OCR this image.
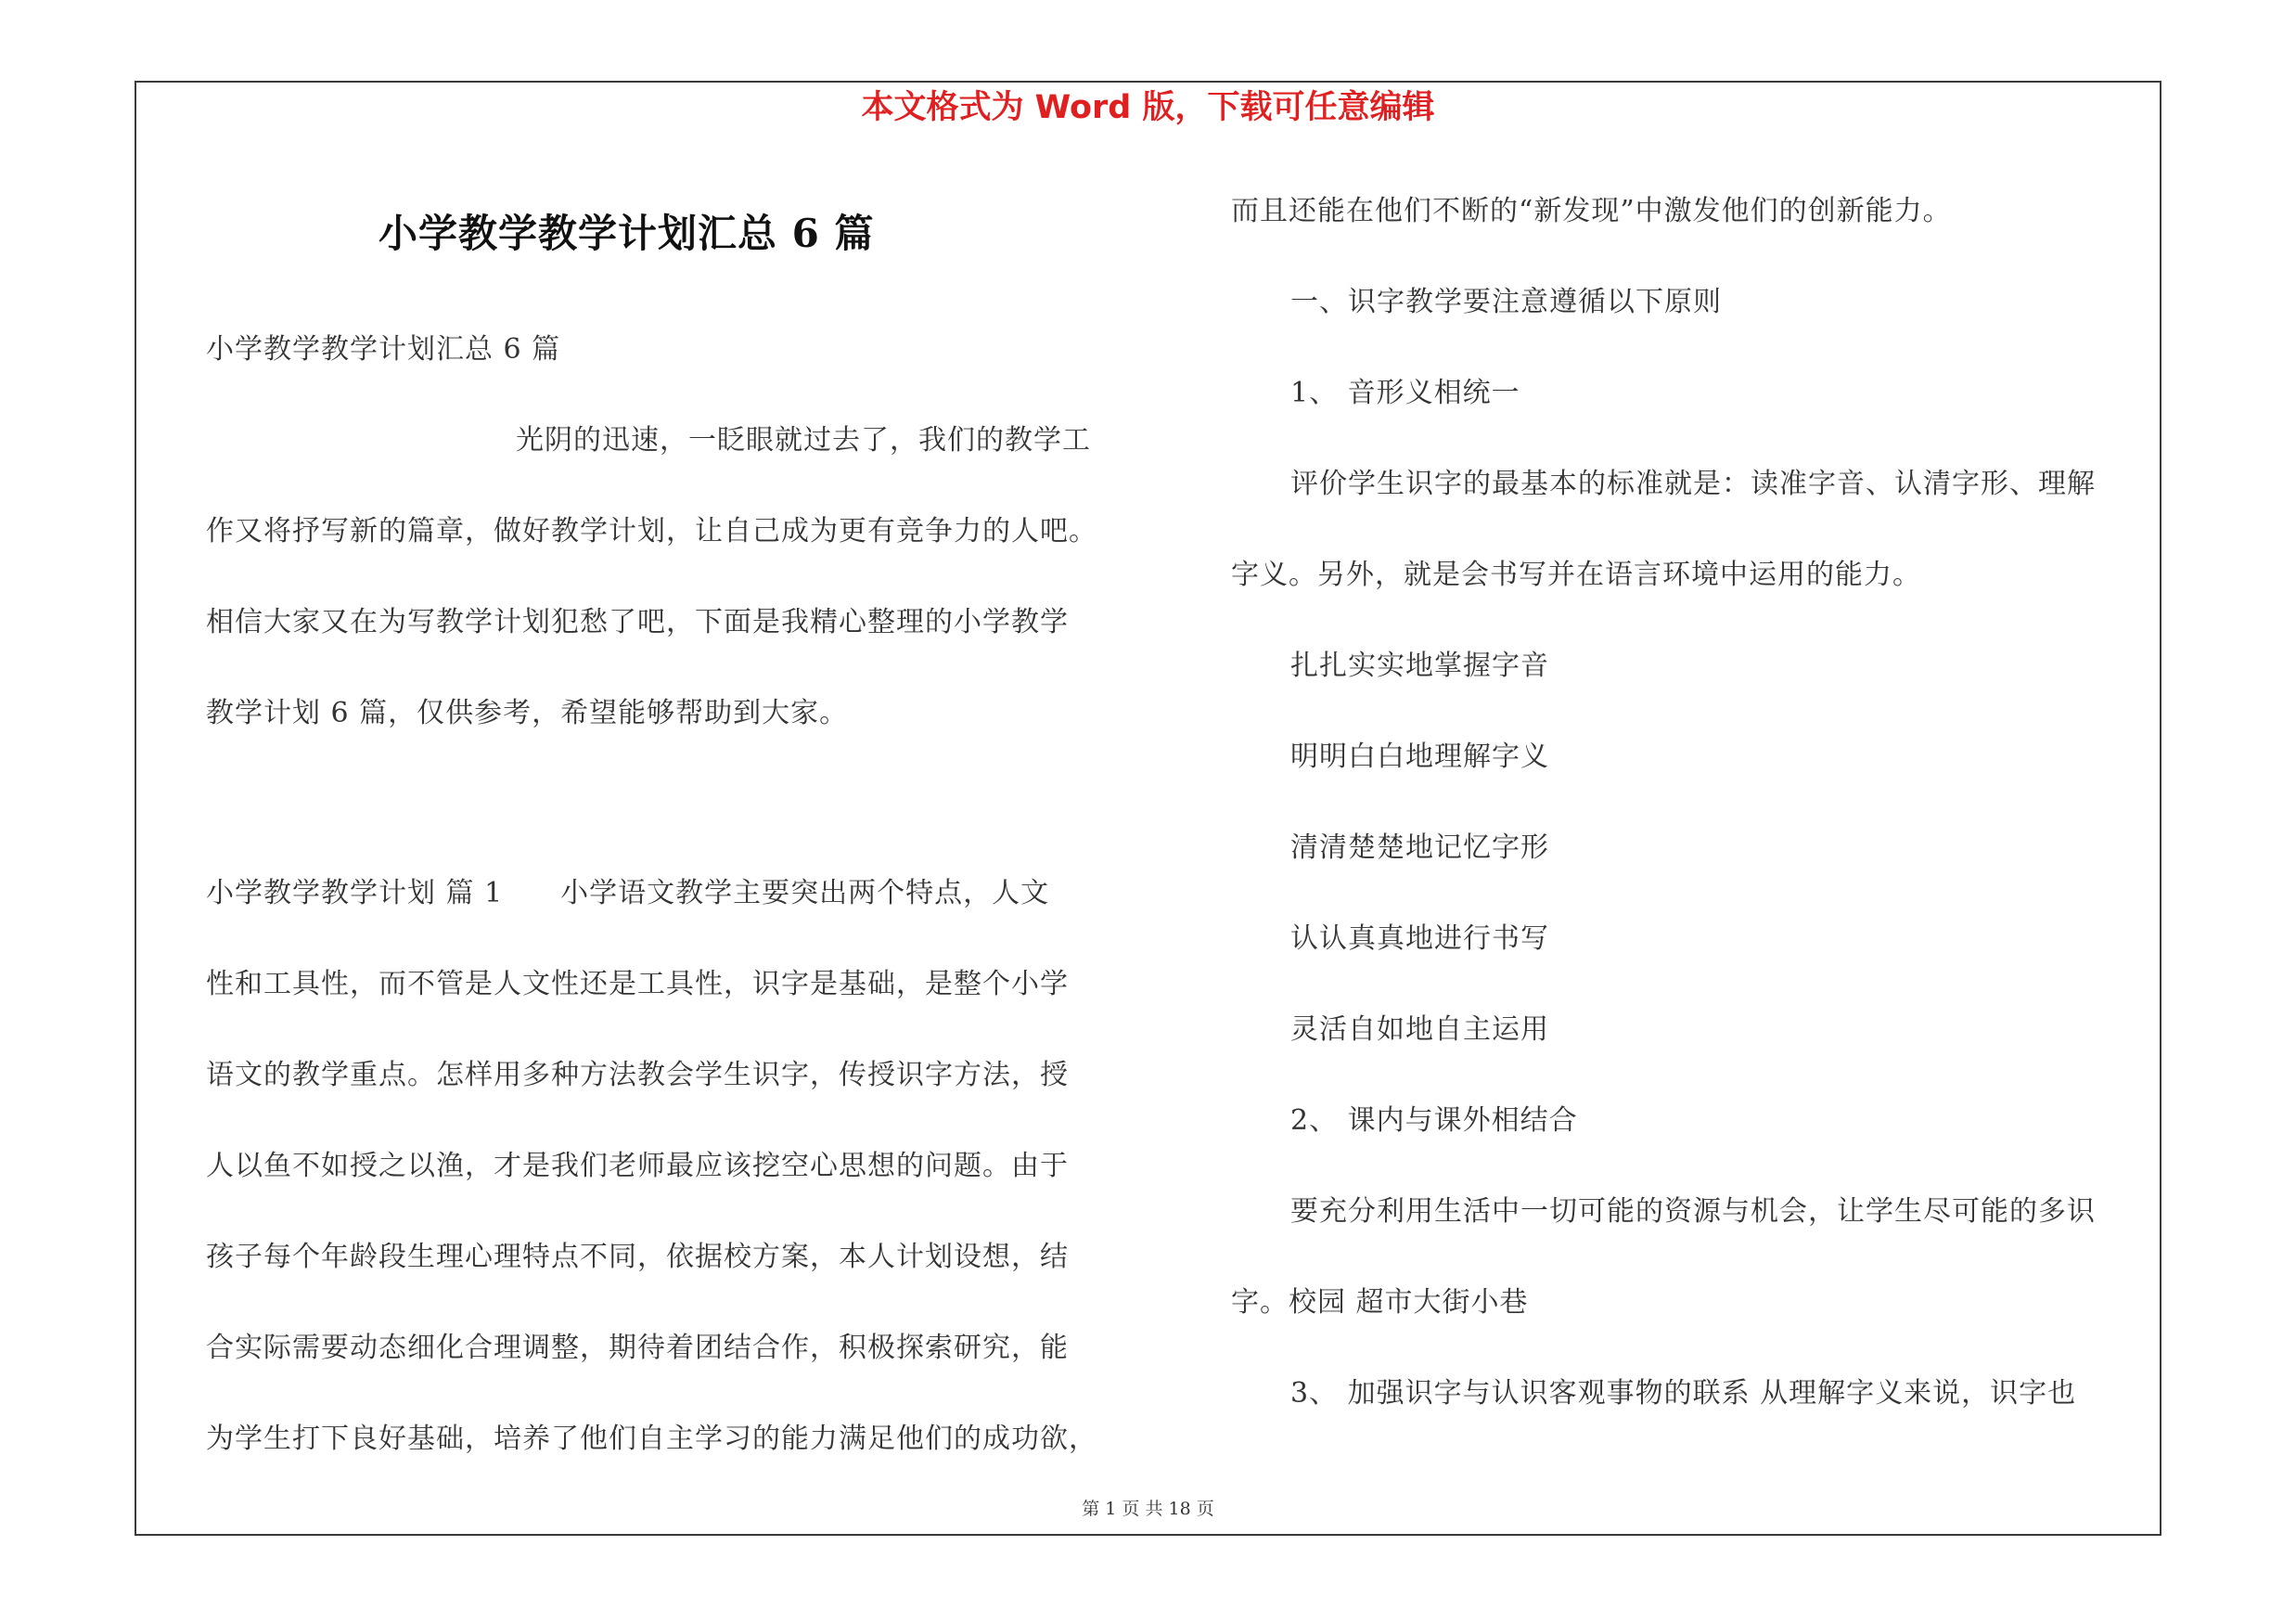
本文格式为 Word 版，下载可任意编辑
小学教学教学计划汇总 6 篇
小学教学教学计划汇总 6 篇
光阴的迅速，一眨眼就过去了，我们的教学工
作又将抒写新的篇章，做好教学计划，让自己成为更有竞争力的人吧。
相信大家又在为写教学计划犯愁了吧，下面是我精心整理的小学教学
教学计划 6 篇，仅供参考，希望能够帮助到大家。
小学教学教学计划 篇 1 小学语文教学主要突出两个特点，人文
性和工具性，而不管是人文性还是工具性，识字是基础，是整个小学
语文的教学重点。怎样用多种方法教会学生识字，传授识字方法，授
人以鱼不如授之以渔，才是我们老师最应该挖空心思想的问题。由于
孩子每个年龄段生理心理特点不同，依据校方案，本人计划设想，结
合实际需要动态细化合理调整，期待着团结合作，积极探索研究，能
为学生打下良好基础，培养了他们自主学习的能力满足他们的成功欲，
而且还能在他们不断的“新发现”中激发他们的创新能力。
一、识字教学要注意遵循以下原则
1、 音形义相统一
评价学生识字的最基本的标准就是：读准字音、认清字形、理解
字义。另外，就是会书写并在语言环境中运用的能力。
扎扎实实地掌握字音
明明白白地理解字义
清清楚楚地记忆字形
认认真真地进行书写
灵活自如地自主运用
2、 课内与课外相结合
要充分利用生活中一切可能的资源与机会，让学生尽可能的多识
字。校园 超市大街小巷
3、 加强识字与认识客观事物的联系 从理解字义来说，识字也
第 1 页 共 18 页
